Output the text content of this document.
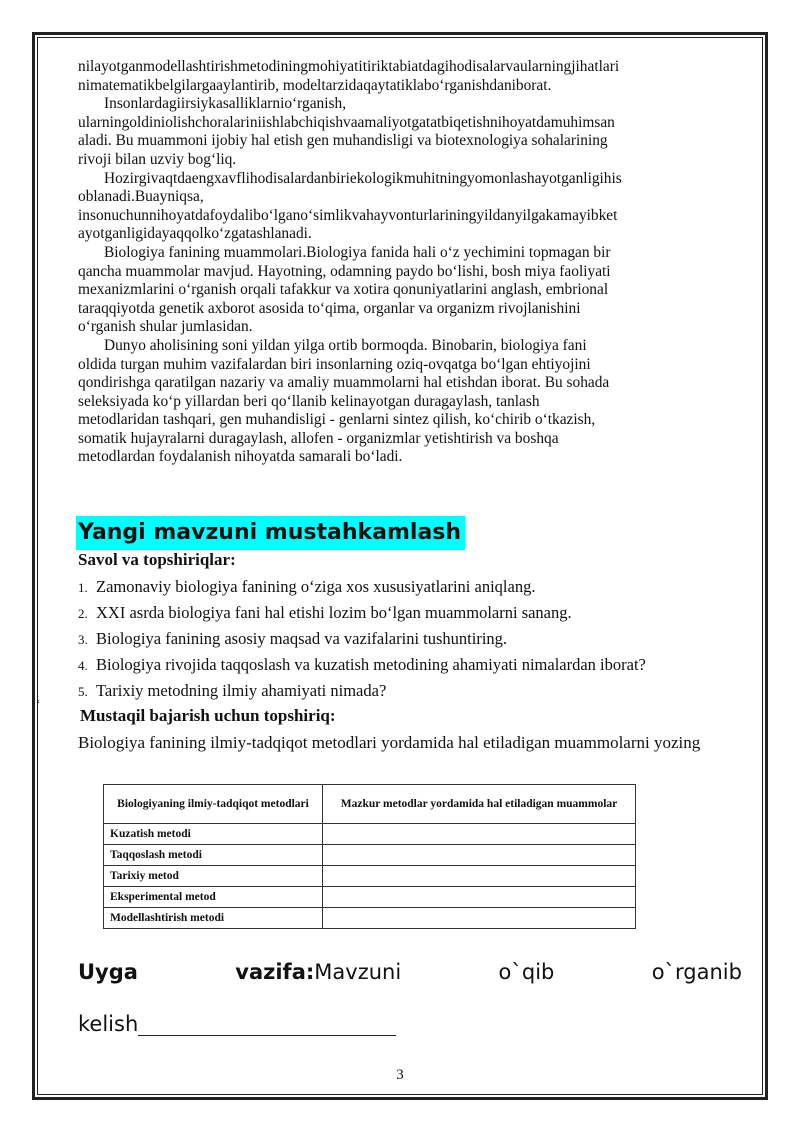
nilayotganmodellashtirishmetodiningmohiyatitiriktabiatdagihodisalarvaularningjihatlari
nimatematikbelgilargaaylantirib, modeltarzidaqaytatiklabo‘rganishdaniborat.

Insonlardagiirsiykasalliklarnio‘rganish,
ularningoldiniolishchoralariniishlabchiqishvaamaliyotgatatbiqetishnihoyatdamuhimsan
aladi. Bu muammoni ijobiy hal etish gen muhandisligi va biotexnologiya sohalarining
rivoji bilan uzviy bog‘liq.

Hozirgivaqtdaengxavflihodisalardanbiriekologikmuhitningyomonlashayotganligihis
oblanadi.Buayniqsa,
insonuchunnihoyatdafoydalibo‘lgano‘simlikvahayvonturlariningyildanyilgakamayibket
ayotganligidayaqqolko‘zgatashlanadi.

Biologiya fanining muammolari.Biologiya fanida hali o‘z yechimini topmagan bir
qancha muammolar mavjud. Hayotning, odamning paydo bo‘lishi, bosh miya faoliyati
mexanizmlarini o‘rganish orqali tafakkur va xotira qonuniyatlarini anglash, embrional
taraqqiyotda genetik axborot asosida to‘qima, organlar va organizm rivojlanishini
o‘rganish shular jumlasidan.

Dunyo aholisining soni yildan yilga ortib bormoqda. Binobarin, biologiya fani
oldida turgan muhim vazifalardan biri insonlarning oziq-ovqatga bo‘lgan ehtiyojini
qondirishga qaratilgan nazariy va amaliy muammolarni hal etishdan iborat. Bu sohada
seleksiyada ko‘p yillardan beri qo‘llanib kelinayotgan duragaylash, tanlash
metodlaridan tashqari, gen muhandisligi - genlarni sintez qilish, ko‘chirib o‘tkazish,
somatik hujayralarni duragaylash, allofen - organizmlar yetishtirish va boshqa
metodlardan foydalanish nihoyatda samarali bo‘ladi.

Yangi mavzuni mustahkamlash
Savol va topshiriqlar:

1. Zamonaviy biologiya fanining o‘ziga xos xususiyatlarini aniqlang.

2. XXI asrda biologiya fani hal etishi lozim bo‘lgan muammolarni sanang.

3. Biologiya fanining asosiy maqsad va vazifalarini tushuntiring.

4. Biologiya rivojida taqqoslash va kuzatish metodining ahamiyati nimalardan iborat?

5. Tarixiy metodning ilmiy ahamiyati nimada?

‘
Mustaqil bajarish uchun topshiriq:
Biologiya fanining ilmiy-tadqiqot metodlari yordamida hal etiladigan muammolarni yozing
Biologiyaning ilmiy-tadqiqot metodlari	Mazkur metodlar yordamida hal etiladigan muammolar
Kuzatish metodi	
Taqqoslash metodi	
Tarixiy metod	
Eksperimental metod	
Modellashtirish metodi	
Uyga	vazifa:Mavzuni	o`qib	o`rganib
kelish
3
